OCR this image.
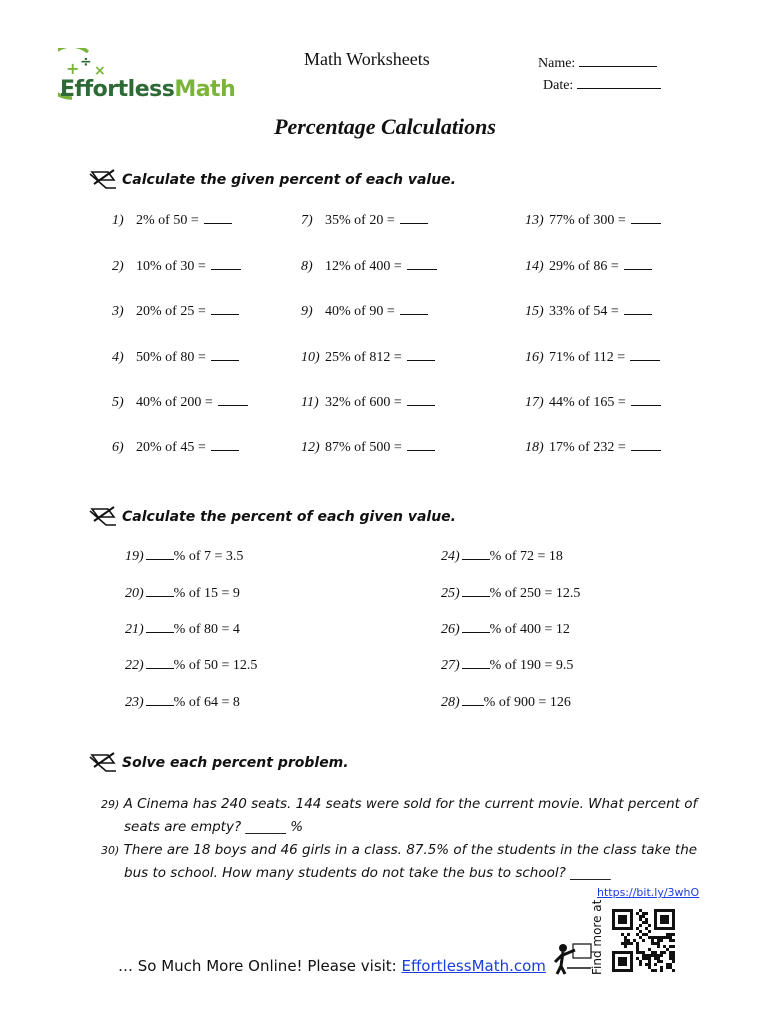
+ ÷
×
EffortlessMath
Math Worksheets	Name:
Date:
Percentage Calculations
Calculate the given percent of each value.
1) 2% of 50 =
2) 10% of 30 =
3) 20% of 25 =
4) 50% of 80 =
5) 40% of 200 =
6) 20% of 45 =
7) 35% of 20 =
8) 12% of 400 =
9) 40% of 90 =
10) 25% of 812 =
11) 32% of 600 =
12) 87% of 500 =
13) 77% of 300 =
14) 29% of 86 =
15) 33% of 54 =
16) 71% of 112 =
17) 44% of 165 =
18) 17% of 232 =
Calculate the percent of each given value.
19) % of 7 = 3.5
20) % of 15 = 9
21) % of 80 = 4
22) % of 50 = 12.5
23) % of 64 = 8
24) % of 72 = 18
25) % of 250 = 12.5
26) % of 400 = 12
27) % of 190 = 9.5
28) % of 900 = 126
Solve each percent problem.
29) A Cinema has 240 seats. 144 seats were sold for the current movie. What percent of
seats are empty? ______ %
30) There are 18 boys and 46 girls in a class. 87.5% of the students in the class take the
bus to school. How many students do not take the bus to school? ______
https://bit.ly/3whO
Find more at
… So Much More Online! Please visit: EffortlessMath.com
